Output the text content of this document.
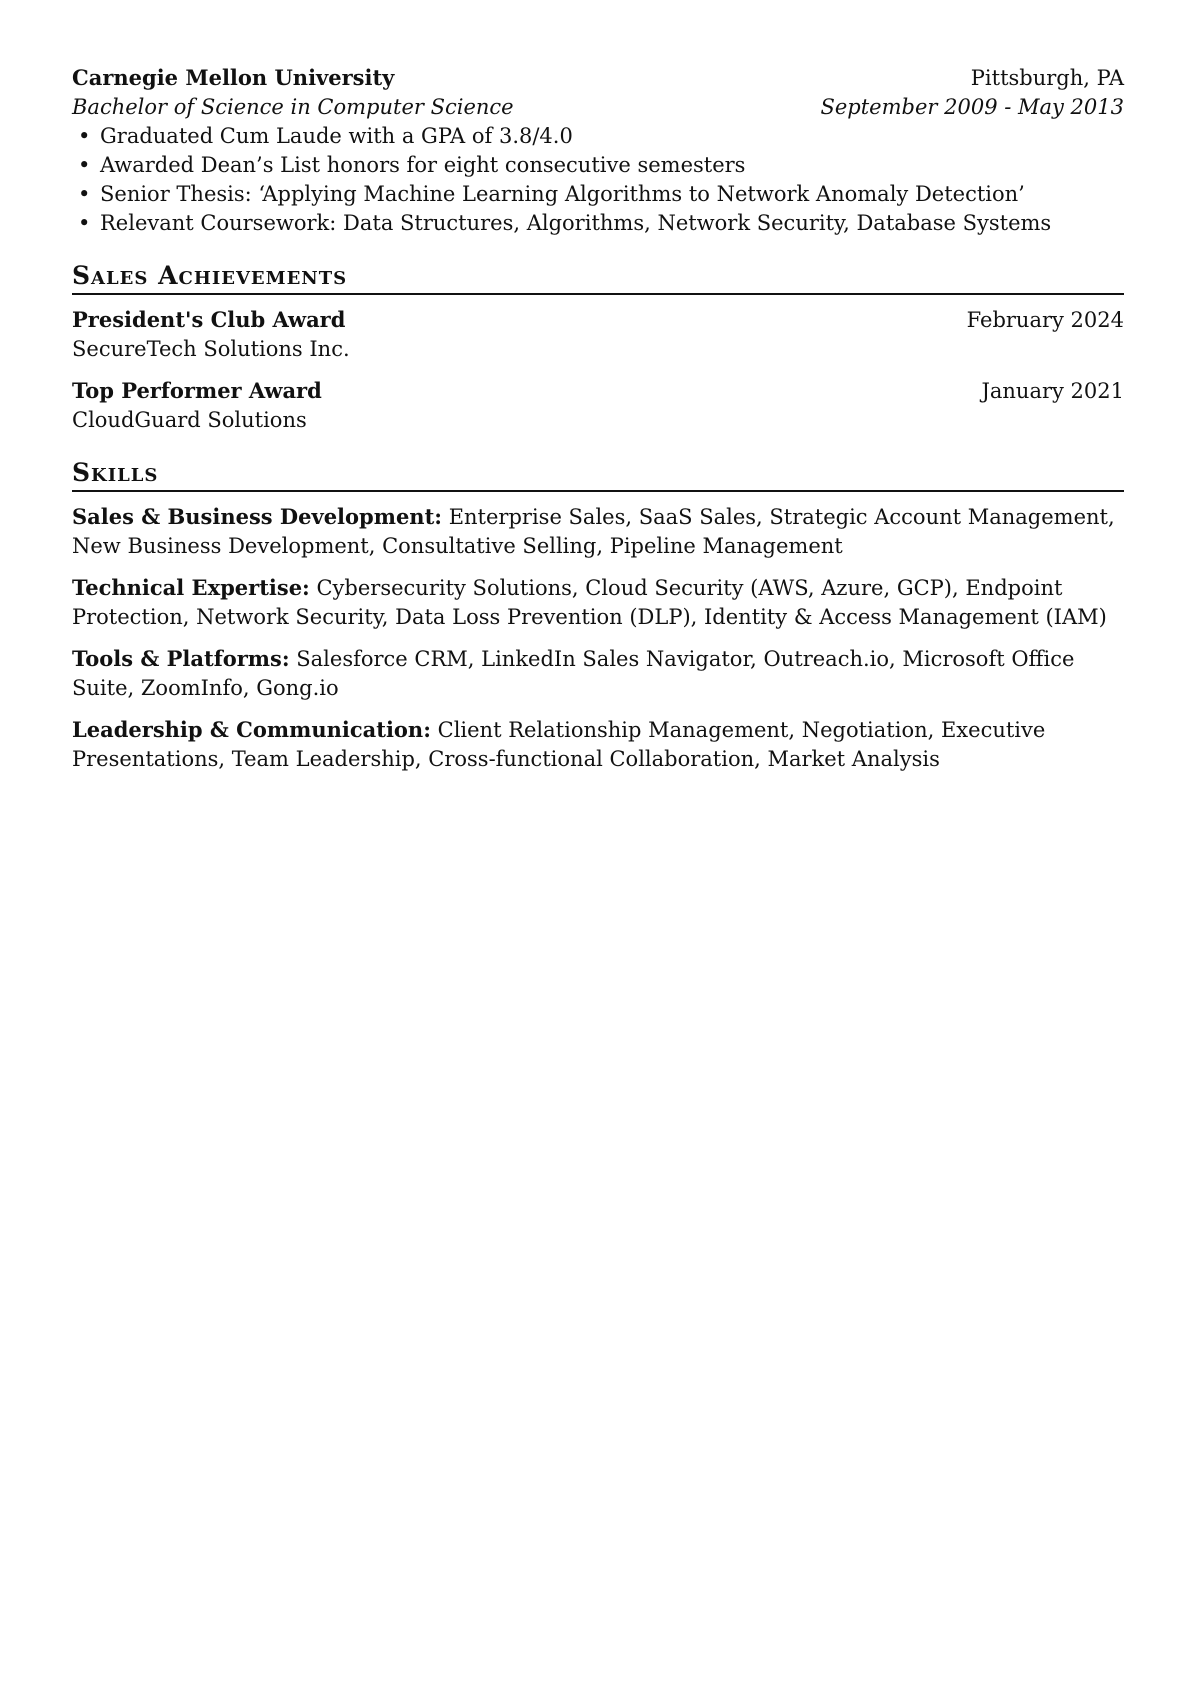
Carnegie Mellon University	Pittsburgh, PA
Bachelor of Science in Computer Science	September 2009 - May 2013
• Graduated Cum Laude with a GPA of 3.8/4.0
• Awarded Dean’s List honors for eight consecutive semesters
• Senior Thesis: ‘Applying Machine Learning Algorithms to Network Anomaly Detection’
• Relevant Coursework: Data Structures, Algorithms, Network Security, Database Systems
Sales Achievements
President's Club Award	February 2024
SecureTech Solutions Inc.
Top Performer Award	January 2021
CloudGuard Solutions
Skills
Sales & Business Development: Enterprise Sales, SaaS Sales, Strategic Account Management, New Business Development, Consultative Selling, Pipeline Management
Technical Expertise: Cybersecurity Solutions, Cloud Security (AWS, Azure, GCP), Endpoint Protection, Network Security, Data Loss Prevention (DLP), Identity & Access Management (IAM)
Tools & Platforms: Salesforce CRM, LinkedIn Sales Navigator, Outreach.io, Microsoft Office Suite, ZoomInfo, Gong.io
Leadership & Communication: Client Relationship Management, Negotiation, Executive Presentations, Team Leadership, Cross-functional Collaboration, Market Analysis
